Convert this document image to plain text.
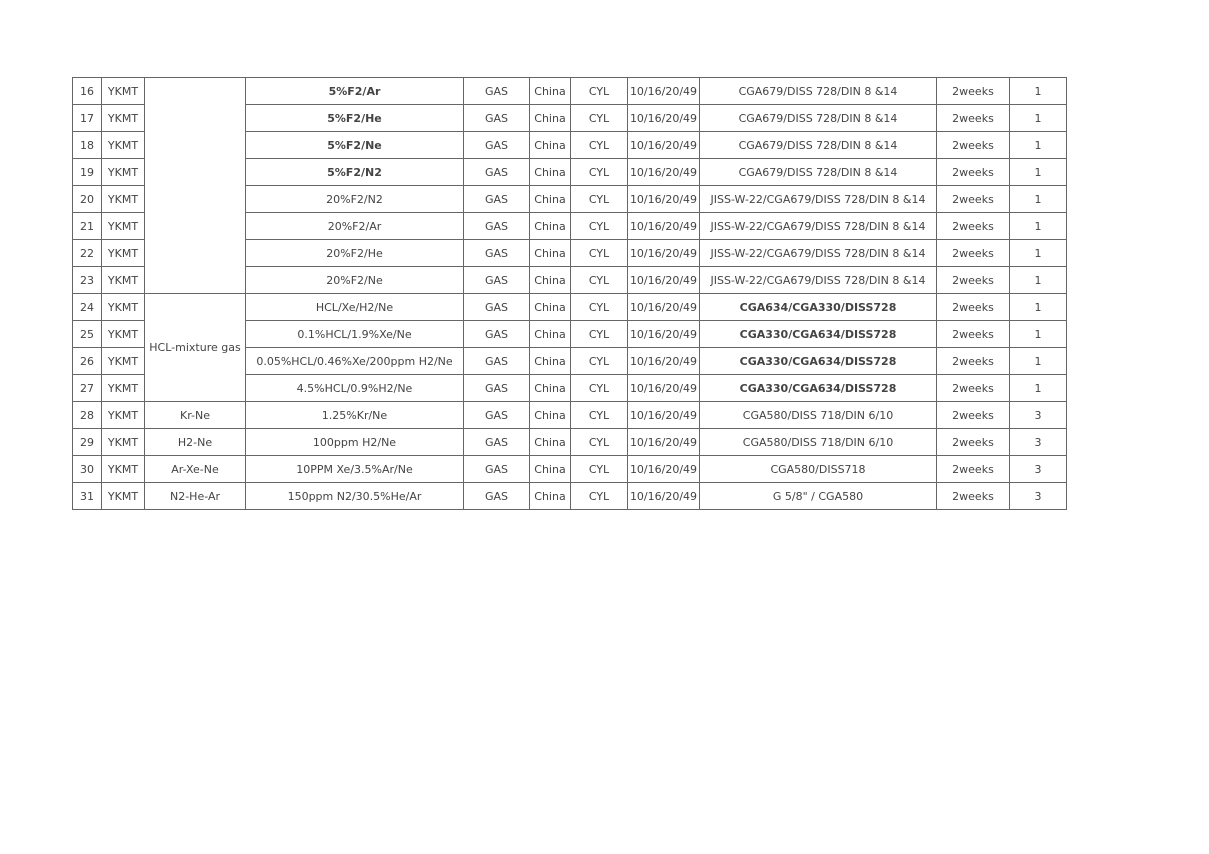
16	YKMT		5%F2/Ar	GAS	China	CYL	10/16/20/49	CGA679/DISS 728/DIN 8 &14	2weeks	1
17	YKMT		5%F2/He	GAS	China	CYL	10/16/20/49	CGA679/DISS 728/DIN 8 &14	2weeks	1
18	YKMT		5%F2/Ne	GAS	China	CYL	10/16/20/49	CGA679/DISS 728/DIN 8 &14	2weeks	1
19	YKMT		5%F2/N2	GAS	China	CYL	10/16/20/49	CGA679/DISS 728/DIN 8 &14	2weeks	1
20	YKMT		20%F2/N2	GAS	China	CYL	10/16/20/49	JISS-W-22/CGA679/DISS 728/DIN 8 &14	2weeks	1
21	YKMT		20%F2/Ar	GAS	China	CYL	10/16/20/49	JISS-W-22/CGA679/DISS 728/DIN 8 &14	2weeks	1
22	YKMT		20%F2/He	GAS	China	CYL	10/16/20/49	JISS-W-22/CGA679/DISS 728/DIN 8 &14	2weeks	1
23	YKMT		20%F2/Ne	GAS	China	CYL	10/16/20/49	JISS-W-22/CGA679/DISS 728/DIN 8 &14	2weeks	1
24	YKMT	HCL-mixture gas	HCL/Xe/H2/Ne	GAS	China	CYL	10/16/20/49	CGA634/CGA330/DISS728	2weeks	1
25	YKMT		0.1%HCL/1.9%Xe/Ne	GAS	China	CYL	10/16/20/49	CGA330/CGA634/DISS728	2weeks	1
26	YKMT		0.05%HCL/0.46%Xe/200ppm H2/Ne	GAS	China	CYL	10/16/20/49	CGA330/CGA634/DISS728	2weeks	1
27	YKMT		4.5%HCL/0.9%H2/Ne	GAS	China	CYL	10/16/20/49	CGA330/CGA634/DISS728	2weeks	1
28	YKMT	Kr-Ne	1.25%Kr/Ne	GAS	China	CYL	10/16/20/49	CGA580/DISS 718/DIN 6/10	2weeks	3
29	YKMT	H2-Ne	100ppm H2/Ne	GAS	China	CYL	10/16/20/49	CGA580/DISS 718/DIN 6/10	2weeks	3
30	YKMT	Ar-Xe-Ne	10PPM Xe/3.5%Ar/Ne	GAS	China	CYL	10/16/20/49	CGA580/DISS718	2weeks	3
31	YKMT	N2-He-Ar	150ppm N2/30.5%He/Ar	GAS	China	CYL	10/16/20/49	G 5/8" / CGA580	2weeks	3
